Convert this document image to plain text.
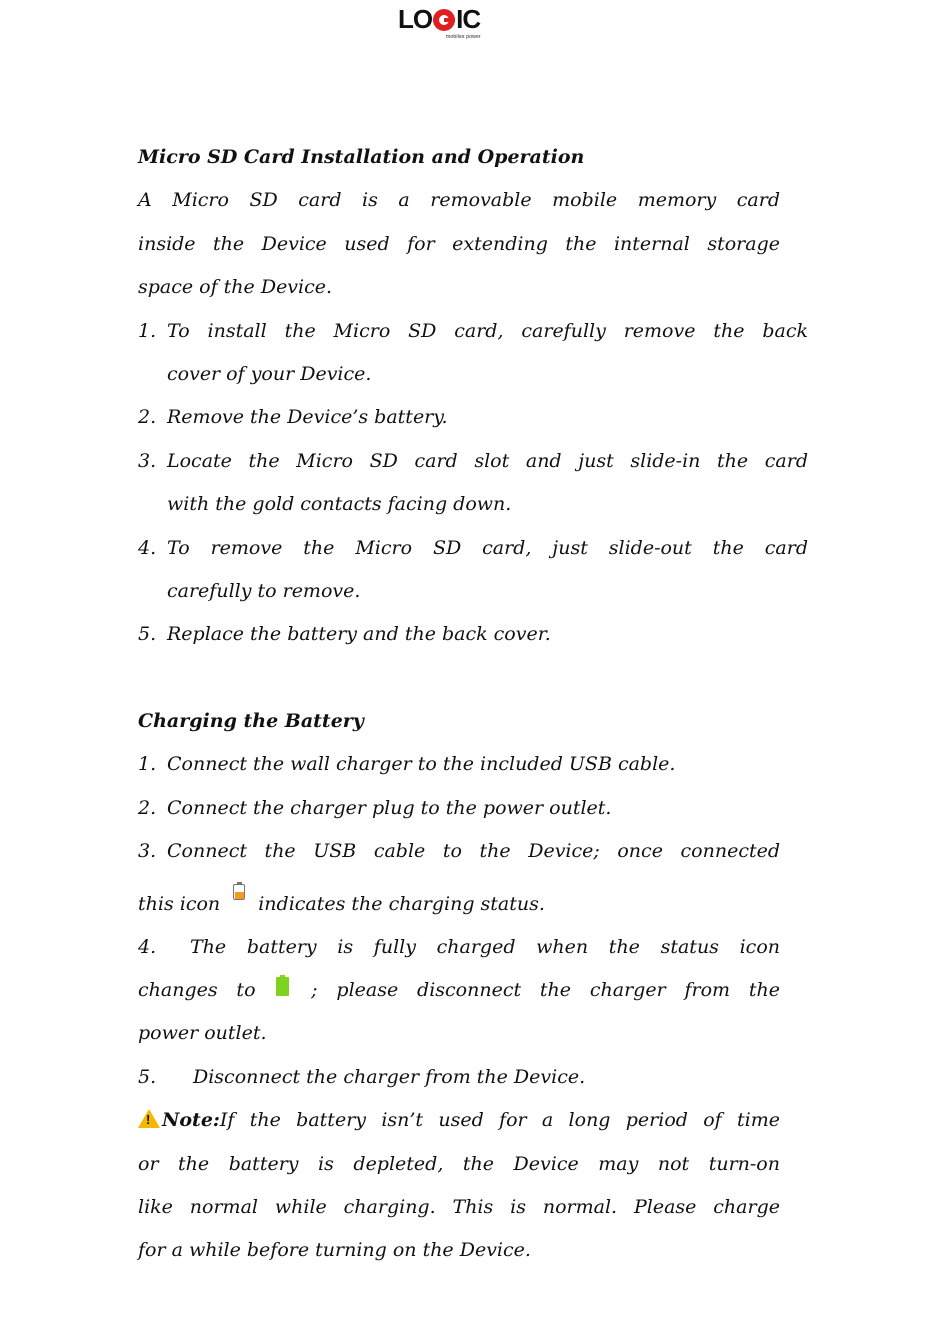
LO IC
mobiles power
Micro SD Card Installation and Operation
A Micro SD card is a removable mobile memory card
inside the Device used for extending the internal storage
space of the Device.
1. To install the Micro SD card, carefully remove the back
cover of your Device.
2. Remove the Device’s battery.
3. Locate the Micro SD card slot and just slide-in the card
with the gold contacts facing down.
4. To remove the Micro SD card, just slide-out the card
carefully to remove.
5. Replace the battery and the back cover.
Charging the Battery
1. Connect the wall charger to the included USB cable.
2. Connect the charger plug to the power outlet.
3. Connect the USB cable to the Device; once connected
this icon indicates the charging status.
4.	The battery is fully charged when the status icon
changes to	; please disconnect the charger from the
power outlet.
5.	Disconnect the charger from the Device.
! Note:If the battery isn’t used for a long period of time
or the battery is depleted, the Device may not turn-on
like normal while charging. This is normal. Please charge
for a while before turning on the Device.
